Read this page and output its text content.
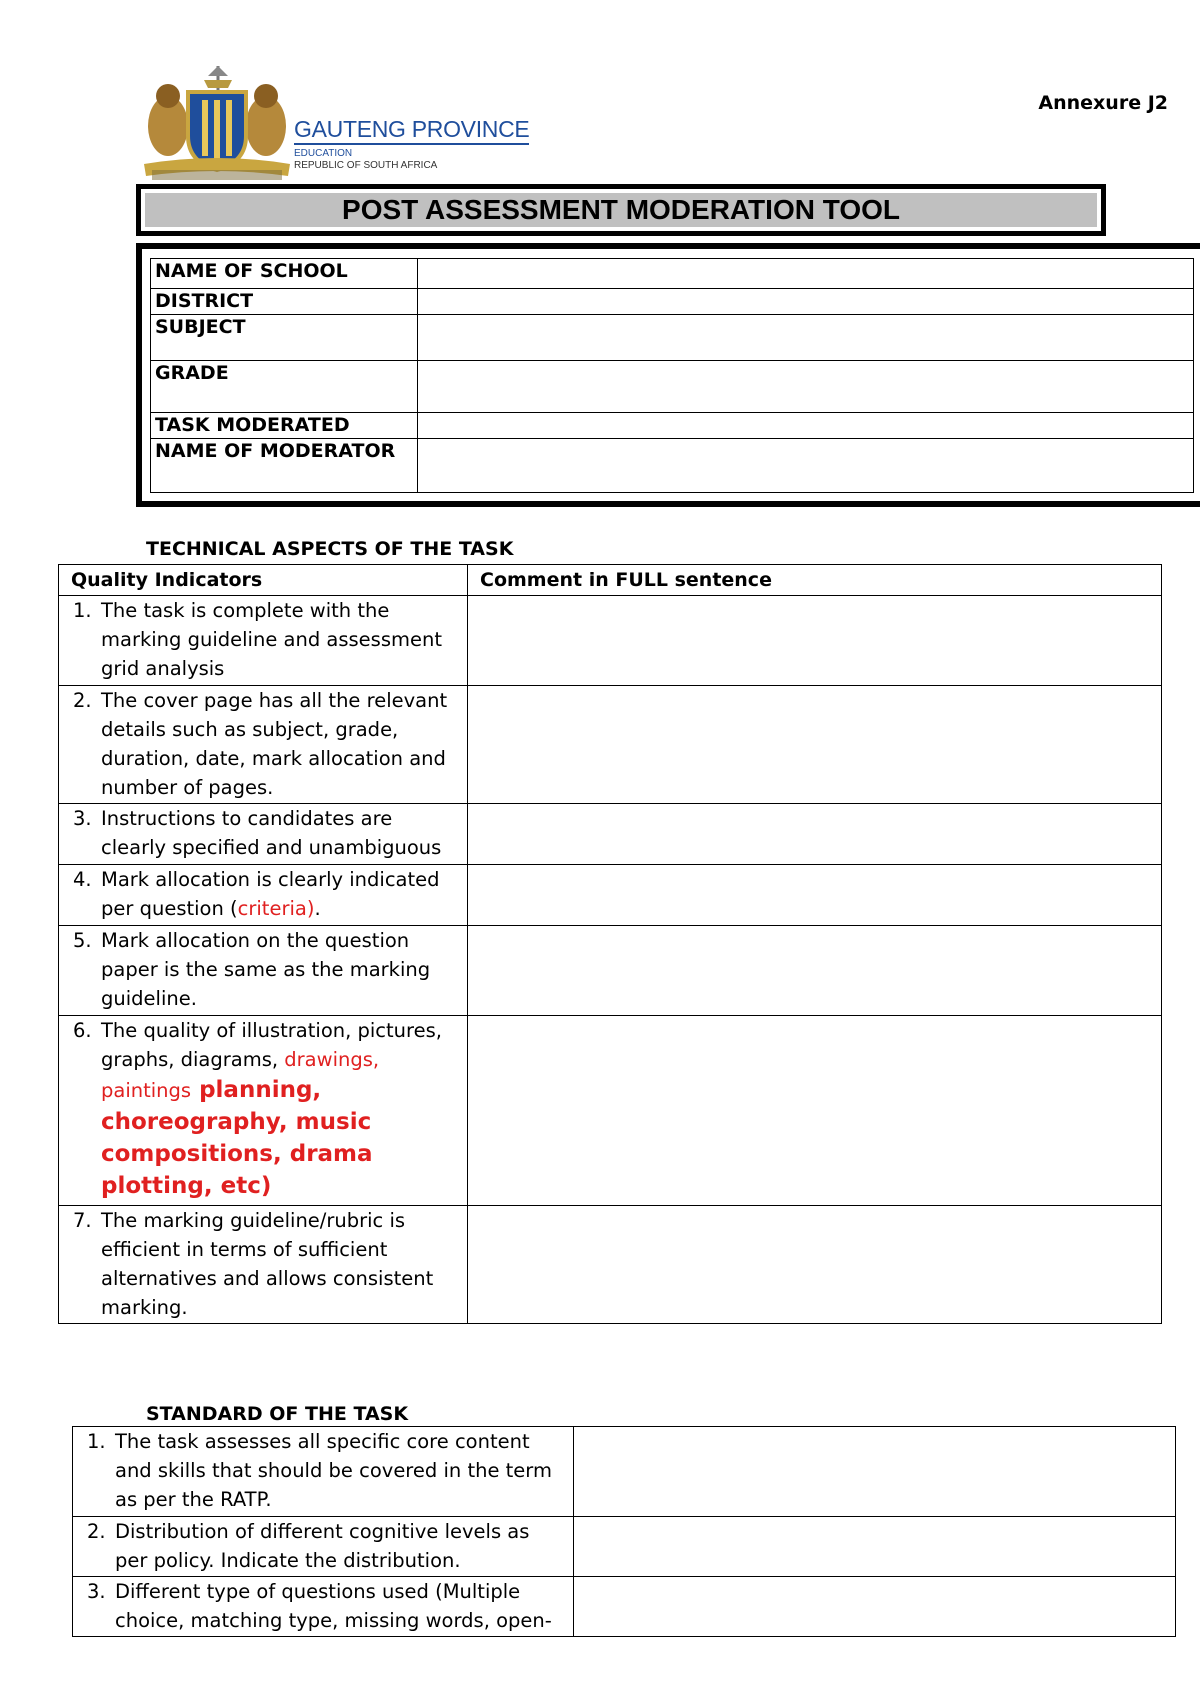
GAUTENG PROVINCE
EDUCATION
REPUBLIC OF SOUTH AFRICA
Annexure J2
POST ASSESSMENT MODERATION TOOL
NAME OF SCHOOL	
DISTRICT	
SUBJECT	
GRADE	
TASK MODERATED	
NAME OF MODERATOR	
TECHNICAL ASPECTS OF THE TASK
Quality Indicators	Comment in FULL sentence

1. The task is complete with the marking guideline and assessment grid analysis	

2. The cover page has all the relevant details such as subject, grade, duration, date, mark allocation and number of pages.	

3. Instructions to candidates are clearly specified and unambiguous	

4. Mark allocation is clearly indicated per question (criteria).	

5. Mark allocation on the question paper is the same as the marking guideline.	

6. The quality of illustration, pictures, graphs, diagrams, drawings, paintings planning, choreography, music compositions, drama plotting, etc)	

7. The marking guideline/rubric is efficient in terms of sufficient alternatives and allows consistent marking.	

STANDARD OF THE TASK
1. The task assesses all specific core content and skills that should be covered in the term as per the RATP.	

2. Distribution of different cognitive levels as per policy. Indicate the distribution.	

3. Different type of questions used (Multiple choice, matching type, missing words, open-	
